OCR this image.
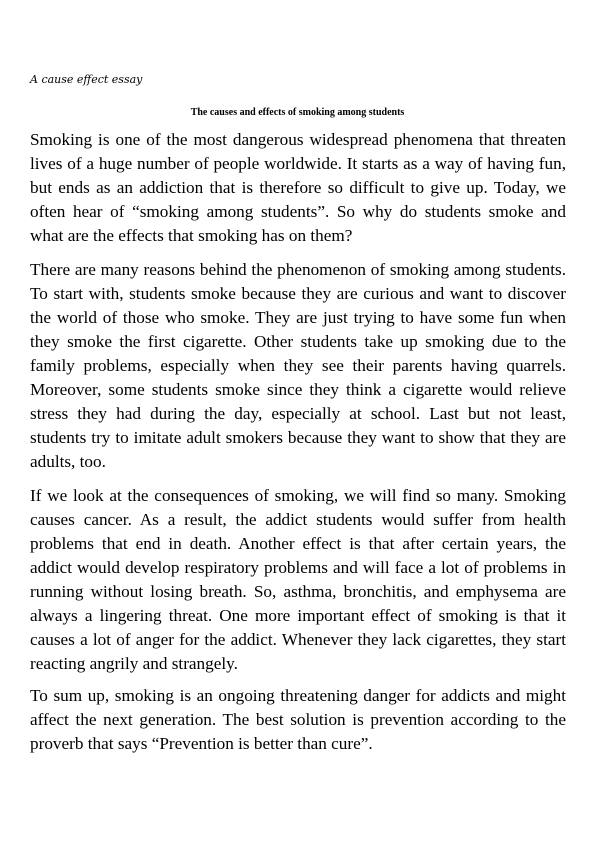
A cause effect essay

The causes and effects of smoking among students

Smoking is one of the most dangerous widespread phenomena that threaten lives of a huge number of people worldwide. It starts as a way of having fun, but ends as an addiction that is therefore so difficult to give up. Today, we often hear of “smoking among students”. So why do students smoke and what are the effects that smoking has on them?

There are many reasons behind the phenomenon of smoking among students. To start with, students smoke because they are curious and want to discover the world of those who smoke. They are just trying to have some fun when they smoke the first cigarette. Other students take up smoking due to the family problems, especially when they see their parents having quarrels. Moreover, some students smoke since they think a cigarette would relieve stress they had during the day, especially at school. Last but not least, students try to imitate adult smokers because they want to show that they are adults, too.

If we look at the consequences of smoking, we will find so many. Smoking causes cancer. As a result, the addict students would suffer from health problems that end in death. Another effect is that after certain years, the addict would develop respiratory problems and will face a lot of problems in running without losing breath. So, asthma, bronchitis, and emphysema are always a lingering threat. One more important effect of smoking is that it causes a lot of anger for the addict. Whenever they lack cigarettes, they start reacting angrily and strangely.

To sum up, smoking is an ongoing threatening danger for addicts and might affect the next generation. The best solution is prevention according to the proverb that says “Prevention is better than cure”.
